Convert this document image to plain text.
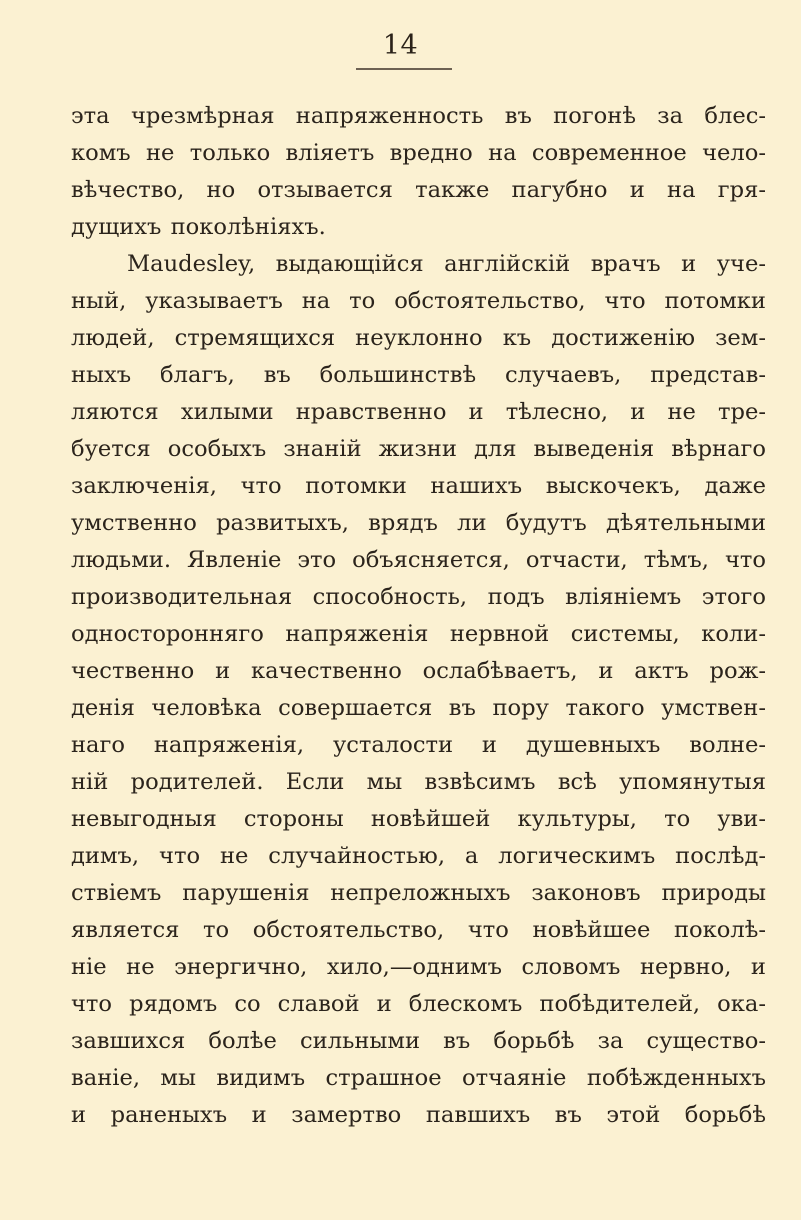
14
эта чрезмѣрная напряженность въ погонѣ за блес-
комъ не только вліяетъ вредно на современное чело-
вѣчество, но отзывается также пагубно и на гря-
дущихъ поколѣніяхъ.
Maudesley, выдающійся англійскій врачъ и уче-
ный, указываетъ на то обстоятельство, что потомки
людей, стремящихся неуклонно къ достиженію зем-
ныхъ благъ, въ большинствѣ случаевъ, представ-
ляются хилыми нравственно и тѣлесно, и не тре-
буется особыхъ знаній жизни для выведенія вѣрнаго
заключенія, что потомки нашихъ выскочекъ, даже
умственно развитыхъ, врядъ ли будутъ дѣятельными
людьми. Явленіе это объясняется, отчасти, тѣмъ, что
производительная способность, подъ вліяніемъ этого
односторонняго напряженія нервной системы, коли-
чественно и качественно ослабѣваетъ, и актъ рож-
денія человѣка совершается въ пору такого умствен-
наго напряженія, усталости и душевныхъ волне-
ній родителей. Если мы взвѣсимъ всѣ упомянутыя
невыгодныя стороны новѣйшей культуры, то уви-
димъ, что не случайностью, а логическимъ послѣд-
ствіемъ парушенія непреложныхъ законовъ природы
является то обстоятельство, что новѣйшее поколѣ-
ніе не энергично, хило,—однимъ словомъ нервно, и
что рядомъ со славой и блескомъ побѣдителей, ока-
завшихся болѣе сильными въ борьбѣ за существо-
ваніе, мы видимъ страшное отчаяніе побѣжденныхъ
и раненыхъ и замертво павшихъ въ этой борьбѣ
